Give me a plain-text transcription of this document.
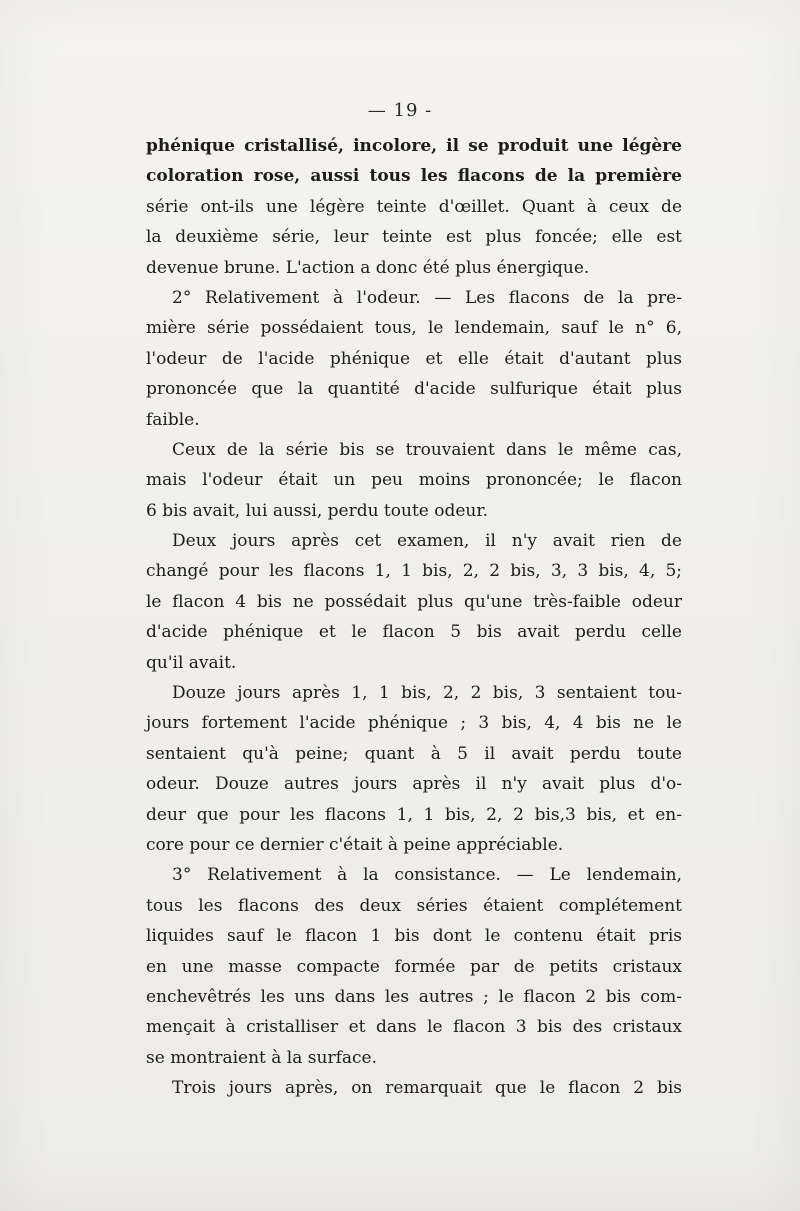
— 19 -
phénique cristallisé, incolore, il se produit une légère
coloration rose, aussi tous les flacons de la première
série ont-ils une légère teinte d'œillet. Quant à ceux de
la deuxième série, leur teinte est plus foncée; elle est
devenue brune. L'action a donc été plus énergique.
2° Relativement à l'odeur. — Les flacons de la pre-
mière série possédaient tous, le lendemain, sauf le n° 6,
l'odeur de l'acide phénique et elle était d'autant plus
prononcée que la quantité d'acide sulfurique était plus
faible.
Ceux de la série bis se trouvaient dans le même cas,
mais l'odeur était un peu moins prononcée; le flacon
6 bis avait, lui aussi, perdu toute odeur.
Deux jours après cet examen, il n'y avait rien de
changé pour les flacons 1, 1 bis, 2, 2 bis, 3, 3 bis, 4, 5;
le flacon 4 bis ne possédait plus qu'une très-faible odeur
d'acide phénique et le flacon 5 bis avait perdu celle
qu'il avait.
Douze jours après 1, 1 bis, 2, 2 bis, 3 sentaient tou-
jours fortement l'acide phénique ; 3 bis, 4, 4 bis ne le
sentaient qu'à peine; quant à 5 il avait perdu toute
odeur. Douze autres jours après il n'y avait plus d'o-
deur que pour les flacons 1, 1 bis, 2, 2 bis,3 bis, et en-
core pour ce dernier c'était à peine appréciable.
3° Relativement à la consistance. — Le lendemain,
tous les flacons des deux séries étaient complétement
liquides sauf le flacon 1 bis dont le contenu était pris
en une masse compacte formée par de petits cristaux
enchevêtrés les uns dans les autres ; le flacon 2 bis com-
mençait à cristalliser et dans le flacon 3 bis des cristaux
se montraient à la surface.
Trois jours après, on remarquait que le flacon 2 bis
